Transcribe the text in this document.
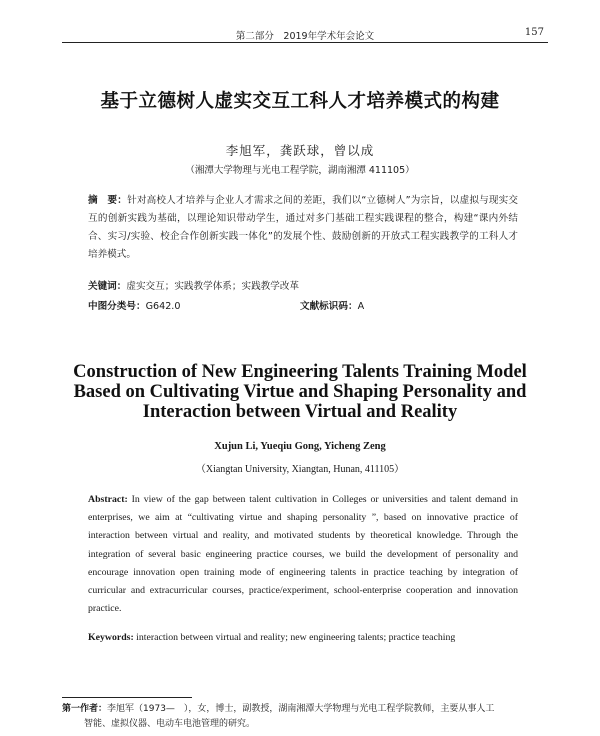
第二部分　2019年学术年会论文	157
基于立德树人虚实交互工科人才培养模式的构建
李旭军，龚跃球，曾以成
（湘潭大学物理与光电工程学院，湖南湘潭 411105）
摘　要：针对高校人才培养与企业人才需求之间的差距，我们以“立德树人”为宗旨，以虚拟与现实交互的创新实践为基础，以理论知识带动学生，通过对多门基础工程实践课程的整合，构建“课内外结合、实习/实验、校企合作创新实践一体化”的发展个性、鼓励创新的开放式工程实践教学的工科人才培养模式。
关键词：虚实交互；实践教学体系；实践教学改革
中图分类号：G642.0	文献标识码：A
Construction of New Engineering Talents Training Model Based on Cultivating Virtue and Shaping Personality and Interaction between Virtual and Reality
Xujun Li, Yueqiu Gong, Yicheng Zeng
（Xiangtan University, Xiangtan, Hunan, 411105）
Abstract: In view of the gap between talent cultivation in Colleges or universities and talent demand in enterprises, we aim at “cultivating virtue and shaping personality ”, based on innovative practice of interaction between virtual and reality, and motivated students by theoretical knowledge. Through the integration of several basic engineering practice courses, we build the development of personality and encourage innovation open training mode of engineering talents in practice teaching by integration of curricular and extracurricular courses, practice/experiment, school-enterprise cooperation and innovation practice.
Keywords: interaction between virtual and reality; new engineering talents; practice teaching
第一作者：李旭军（1973—　），女，博士，副教授，湖南湘潭大学物理与光电工程学院教师，主要从事人工
智能、虚拟仪器、电动车电池管理的研究。
